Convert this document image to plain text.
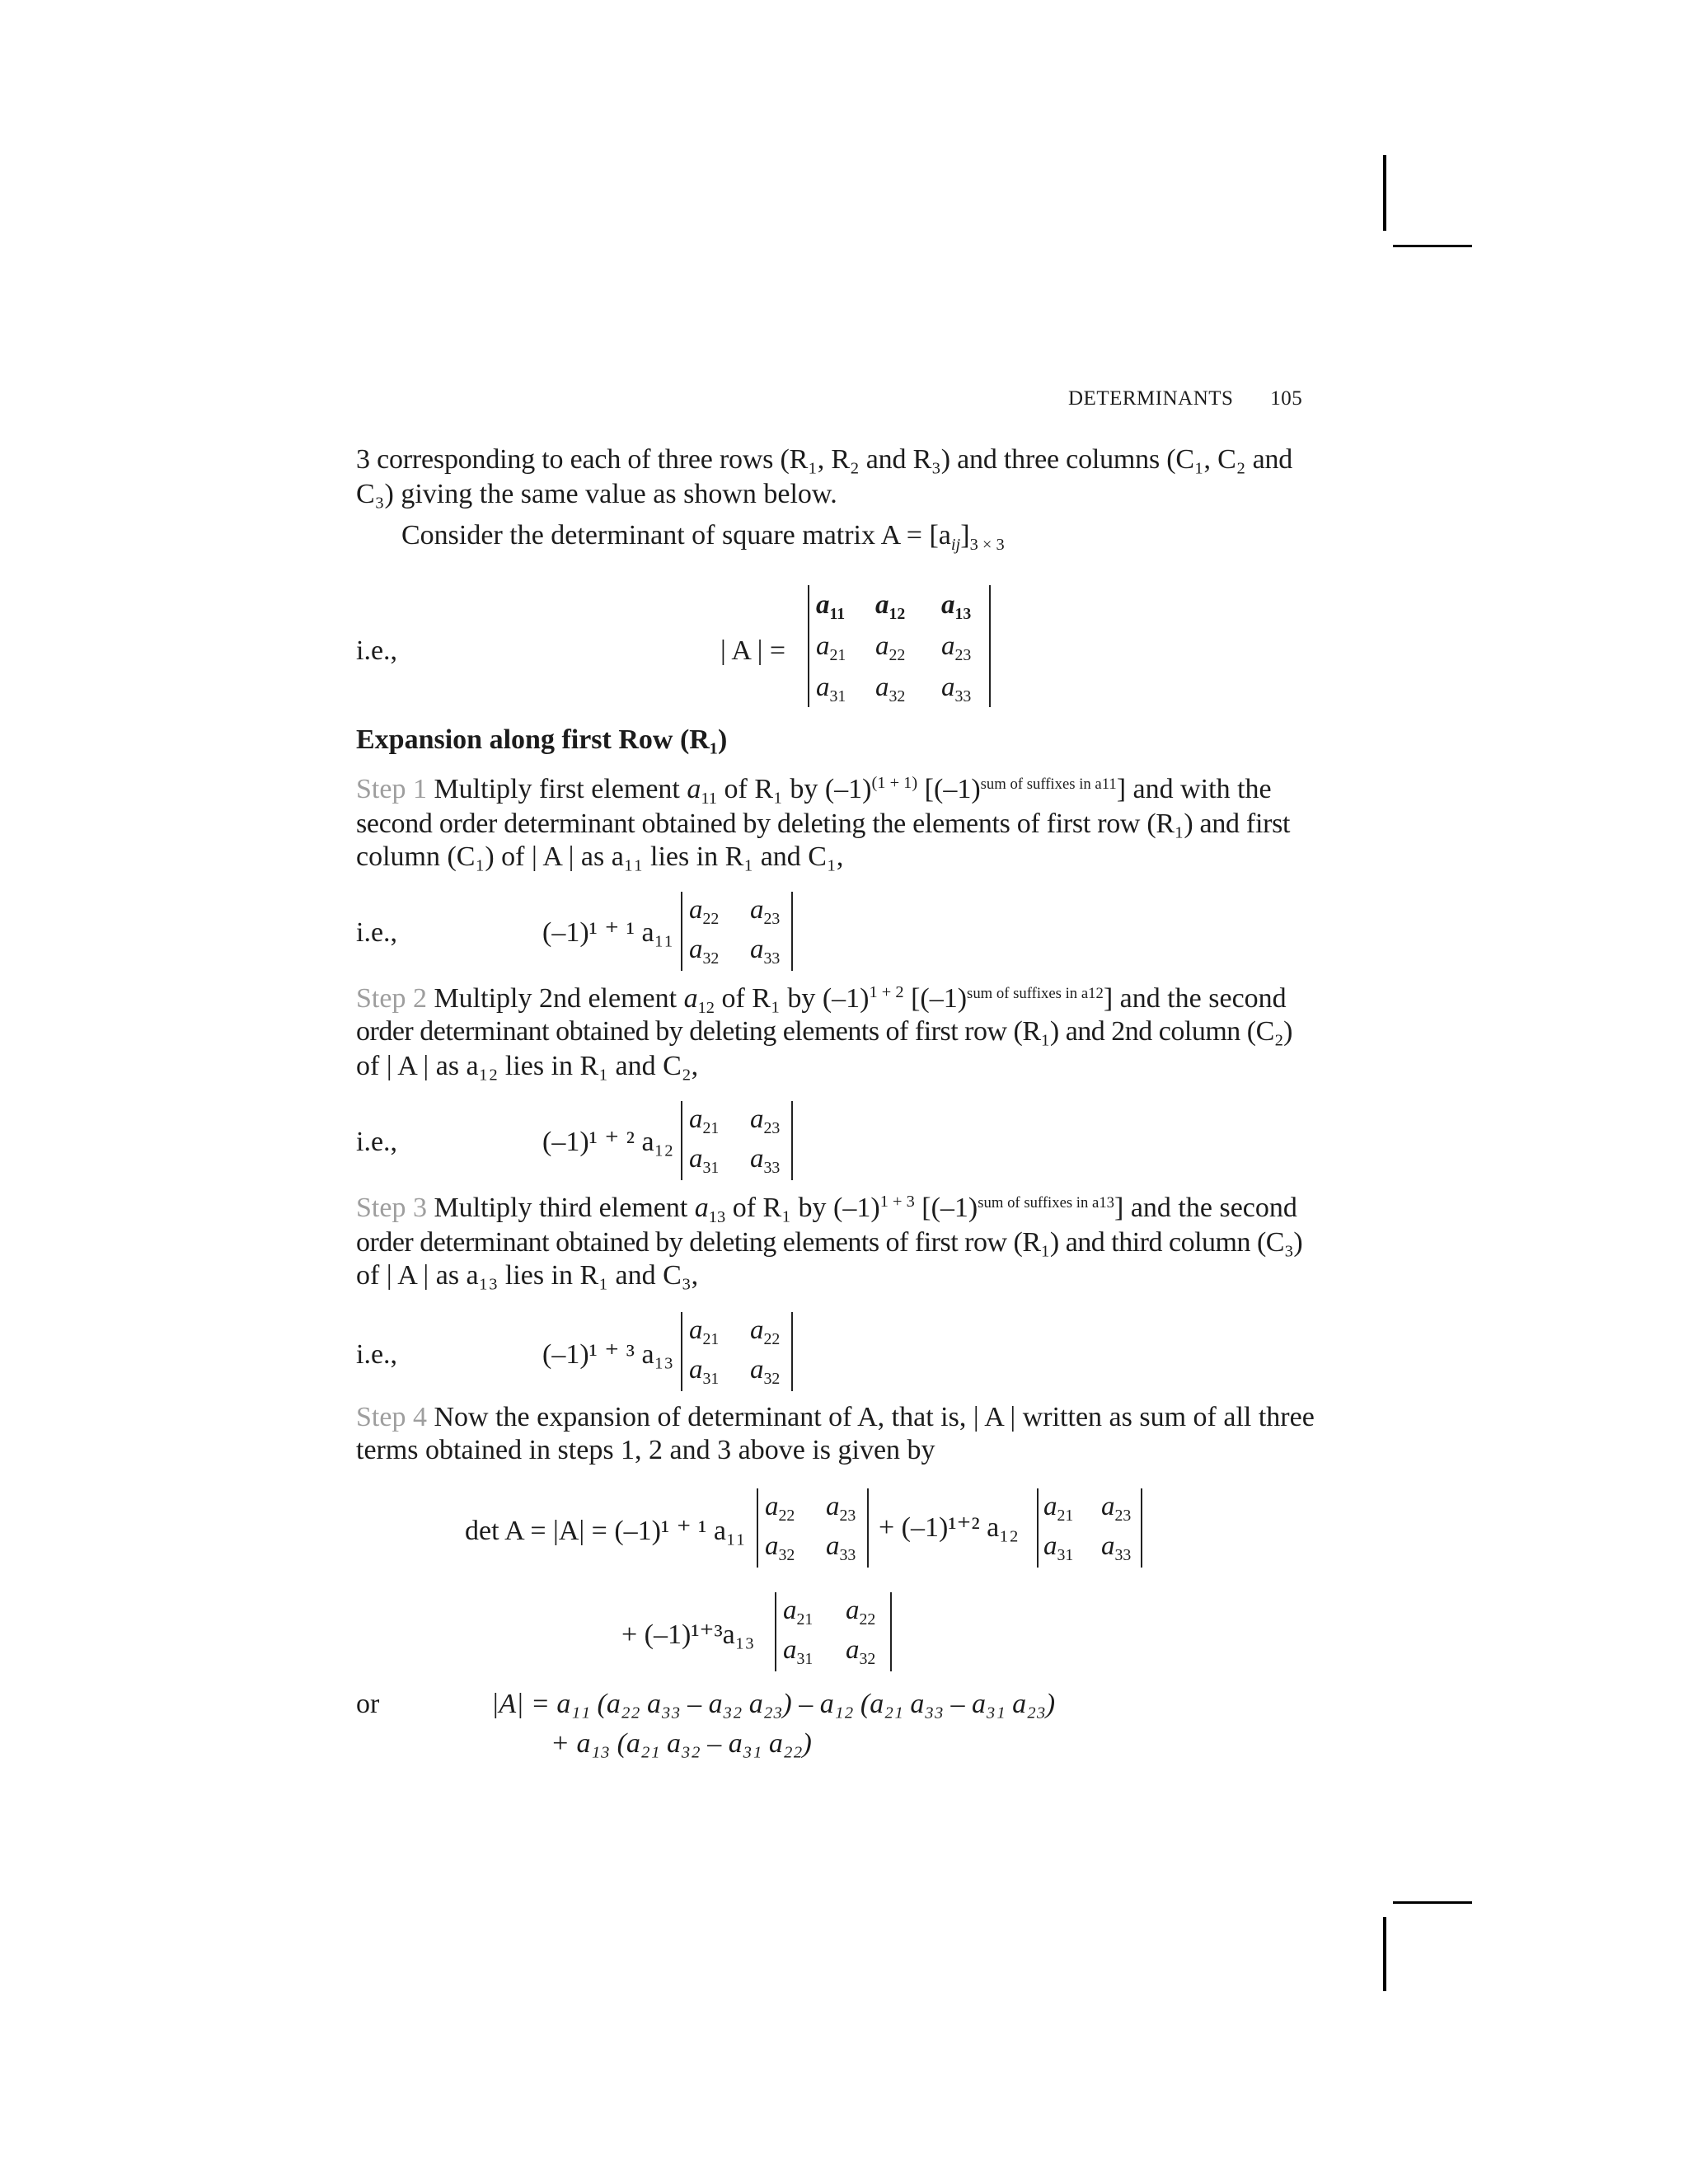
DETERMINANTS 105
3 corresponding to each of three rows (R₁, R₂ and R₃) and three columns (C₁, C₂ and
C₃) giving the same value as shown below.
Consider the determinant of square matrix $A = [a_{ij}]_{3 \times 3}$
i.e.,	| A | =
$a_{11}$ $a_{12}$ $a_{13}$
$a_{21}$ $a_{22}$ $a_{23}$
$a_{31}$ $a_{32}$ $a_{33}$
Expansion along first Row (R₁)
Step 1 Multiply first element $a_{11}$ of R₁ by $(-1)^{(1 + 1)}$ $[(-1)^{sum of suffixes in a11}]$ and with the
second order determinant obtained by deleting the elements of first row (R₁) and first
column (C₁) of | A | as a₁₁ lies in R₁ and C₁,
i.e.,	(–1)¹ ⁺ ¹ a₁₁
$a_{22}$ $a_{23}$
$a_{32}$ $a_{33}$
Step 2 Multiply 2nd element $a_{12}$ of R₁ by $(-1)^{1 + 2}$ $[(-1)^{sum of suffixes in a12}]$ and the second
order determinant obtained by deleting elements of first row (R₁) and 2nd column (C₂)
of | A | as a₁₂ lies in R₁ and C₂,
i.e.,	(–1)¹ ⁺ ² a₁₂
$a_{21}$ $a_{23}$
$a_{31}$ $a_{33}$
Step 3 Multiply third element $a_{13}$ of R₁ by $(-1)^{1 + 3}$ $[(-1)^{sum of suffixes in a13}]$ and the second
order determinant obtained by deleting elements of first row (R₁) and third column (C₃)
of | A | as a₁₃ lies in R₁ and C₃,
i.e.,	(–1)¹ ⁺ ³ a₁₃
$a_{21}$ $a_{22}$
$a_{31}$ $a_{32}$
Step 4 Now the expansion of determinant of A, that is, | A | written as sum of all three
terms obtained in steps 1, 2 and 3 above is given by
det A = |A| = (–1)¹ ⁺ ¹ a₁₁
$a_{22}$ $a_{23}$
$a_{32}$ $a_{33}$
+ (–1)¹⁺² a₁₂
$a_{21}$ $a_{23}$
$a_{31}$ $a_{33}$
+ (–1)¹⁺³a₁₃
$a_{21}$ $a_{22}$
$a_{31}$ $a_{32}$
or	|A| = a₁₁ (a₂₂ a₃₃ – a₃₂ a₂₃) – a₁₂ (a₂₁ a₃₃ – a₃₁ a₂₃)
+ a₁₃ (a₂₁ a₃₂ – a₃₁ a₂₂)
